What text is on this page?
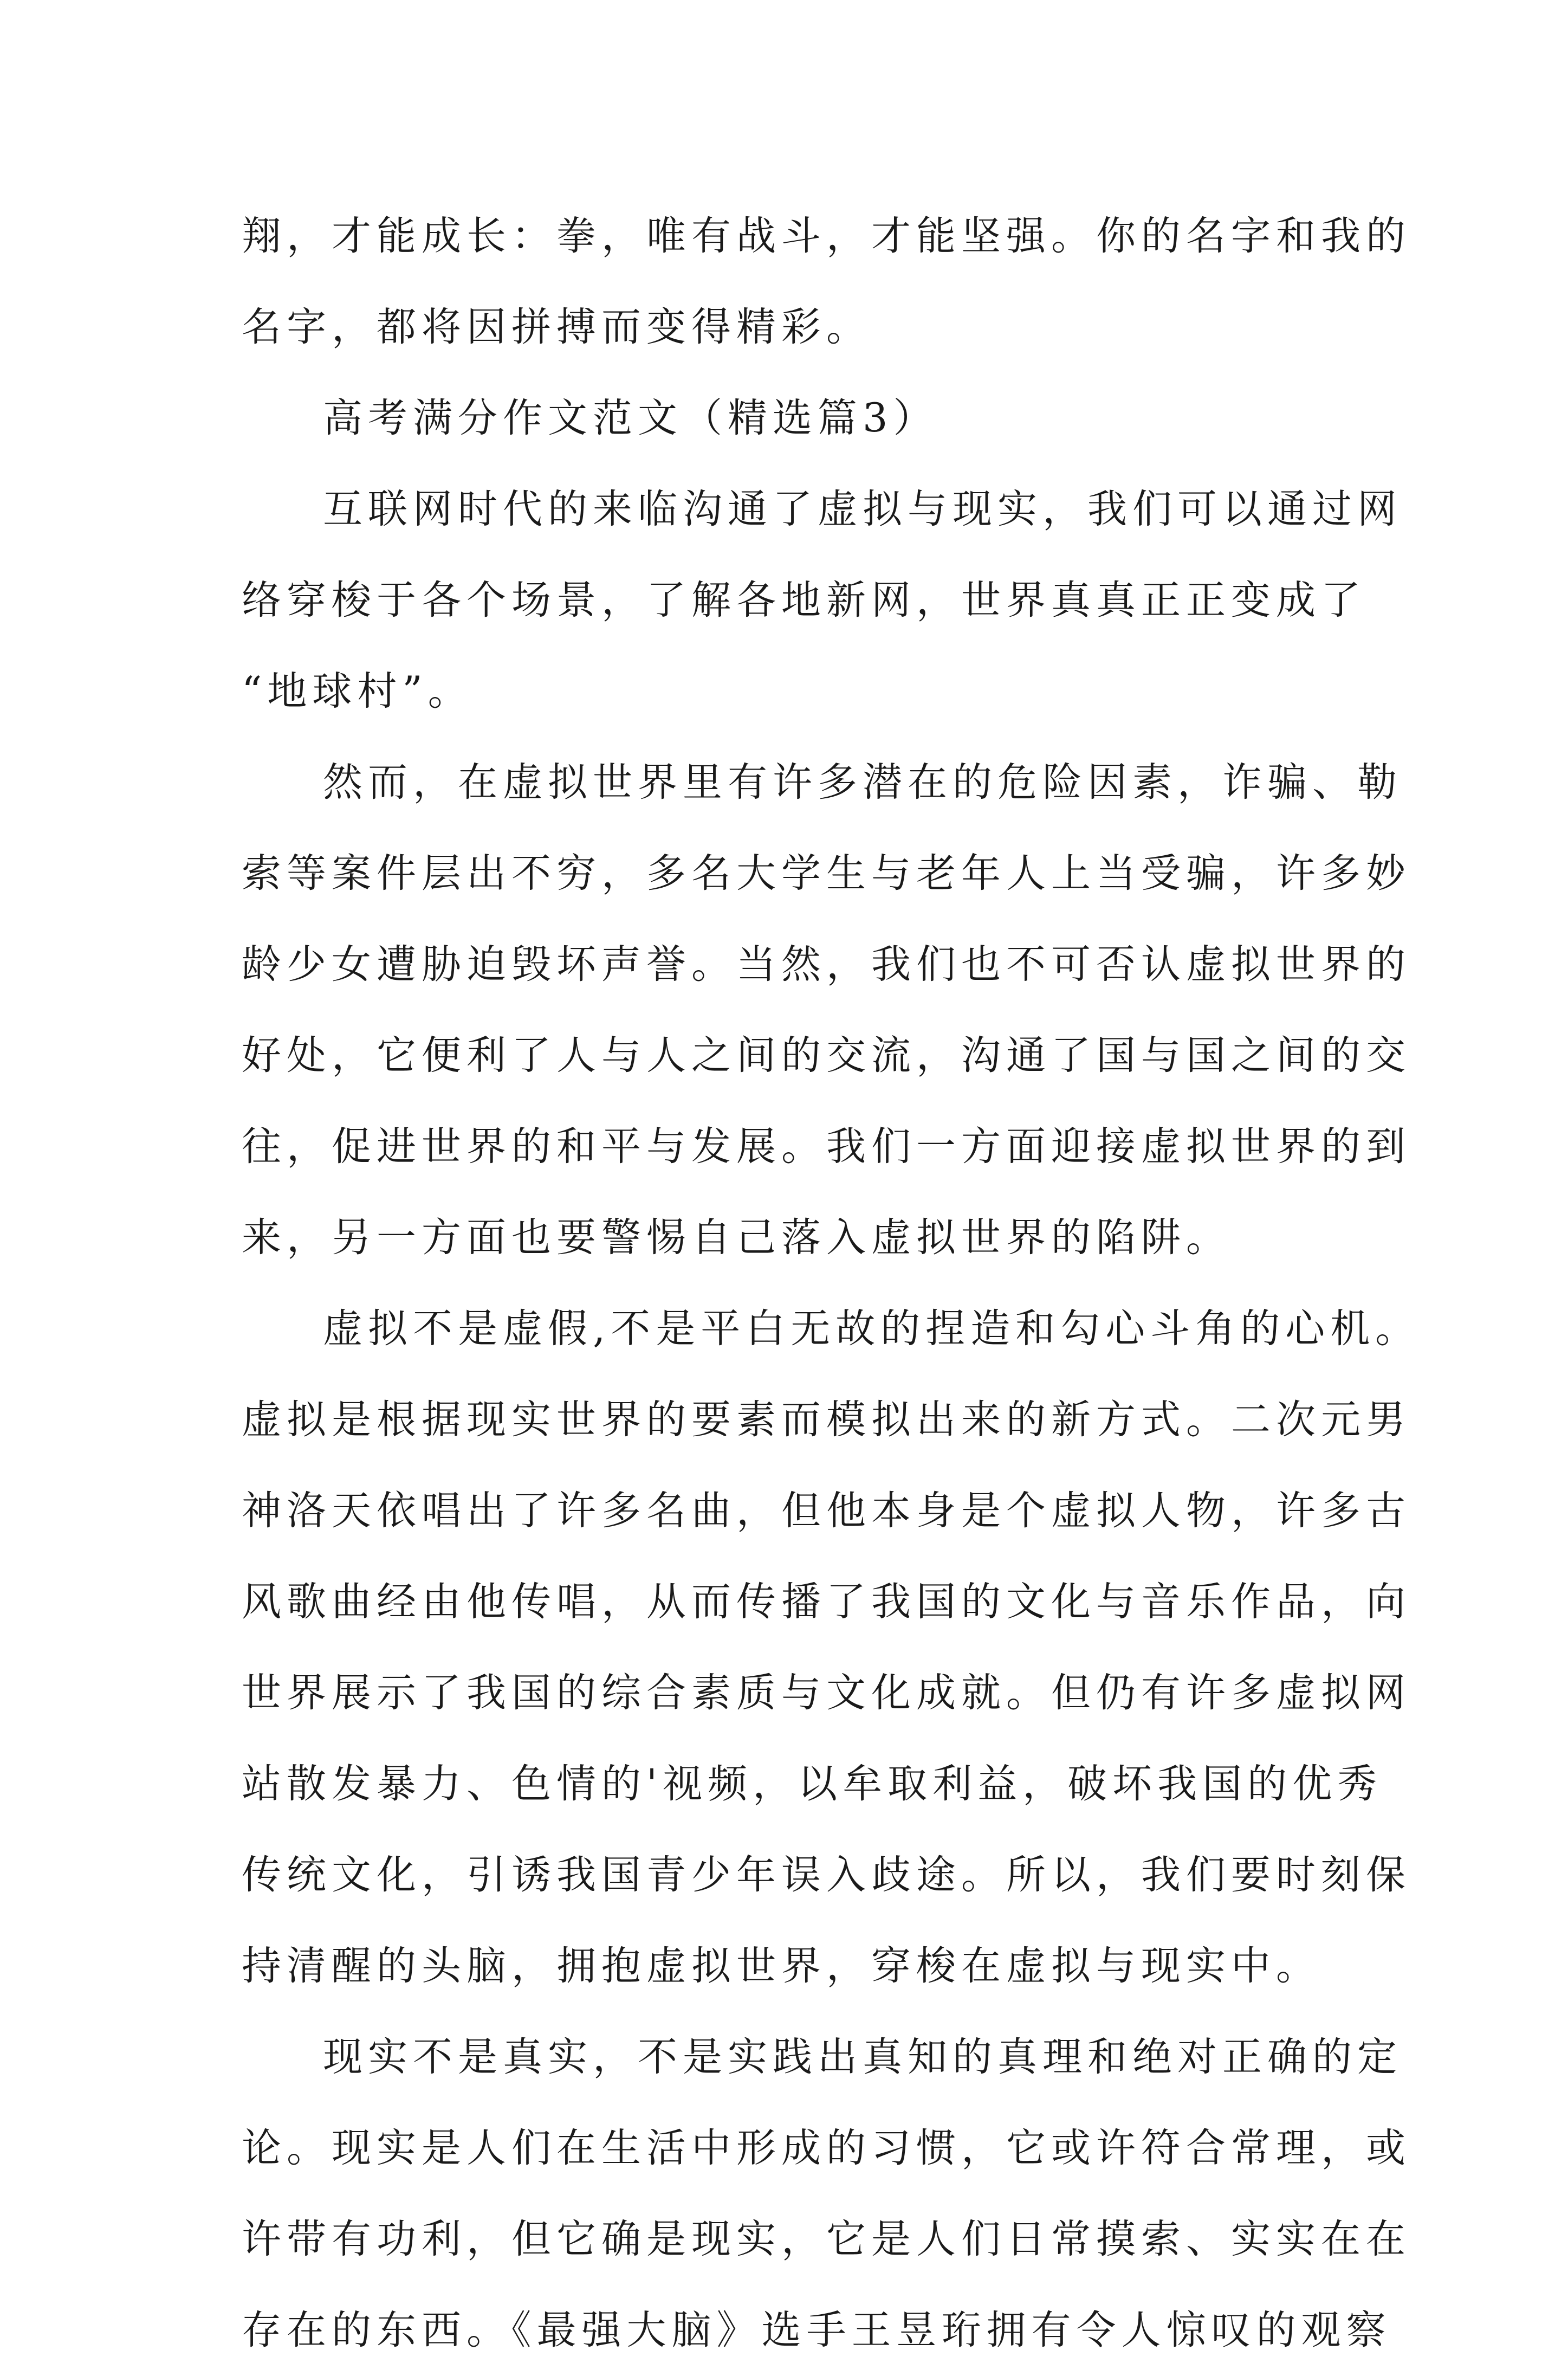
翔，才能成长：拳，唯有战斗，才能坚强。你的名字和我的
名字，都将因拼搏而变得精彩。
高考满分作文范文（精选篇3）
互联网时代的来临沟通了虚拟与现实，我们可以通过网
络穿梭于各个场景，了解各地新网，世界真真正正变成了
“地球村”。
然而，在虚拟世界里有许多潜在的危险因素，诈骗、勒
索等案件层出不穷，多名大学生与老年人上当受骗，许多妙
龄少女遭胁迫毁坏声誉。当然，我们也不可否认虚拟世界的
好处，它便利了人与人之间的交流，沟通了国与国之间的交
往，促进世界的和平与发展。我们一方面迎接虚拟世界的到
来，另一方面也要警惕自己落入虚拟世界的陷阱。
虚拟不是虚假,不是平白无故的捏造和勾心斗角的心机。
虚拟是根据现实世界的要素而模拟出来的新方式。二次元男
神洛天依唱出了许多名曲，但他本身是个虚拟人物，许多古
风歌曲经由他传唱，从而传播了我国的文化与音乐作品，向
世界展示了我国的综合素质与文化成就。但仍有许多虚拟网
站散发暴力、色情的'视频，以牟取利益，破坏我国的优秀
传统文化，引诱我国青少年误入歧途。所以，我们要时刻保
持清醒的头脑，拥抱虚拟世界，穿梭在虚拟与现实中。
现实不是真实，不是实践出真知的真理和绝对正确的定
论。现实是人们在生活中形成的习惯，它或许符合常理，或
许带有功利，但它确是现实，它是人们日常摸索、实实在在
存在的东西。《最强大脑》选手王昱珩拥有令人惊叹的观察
